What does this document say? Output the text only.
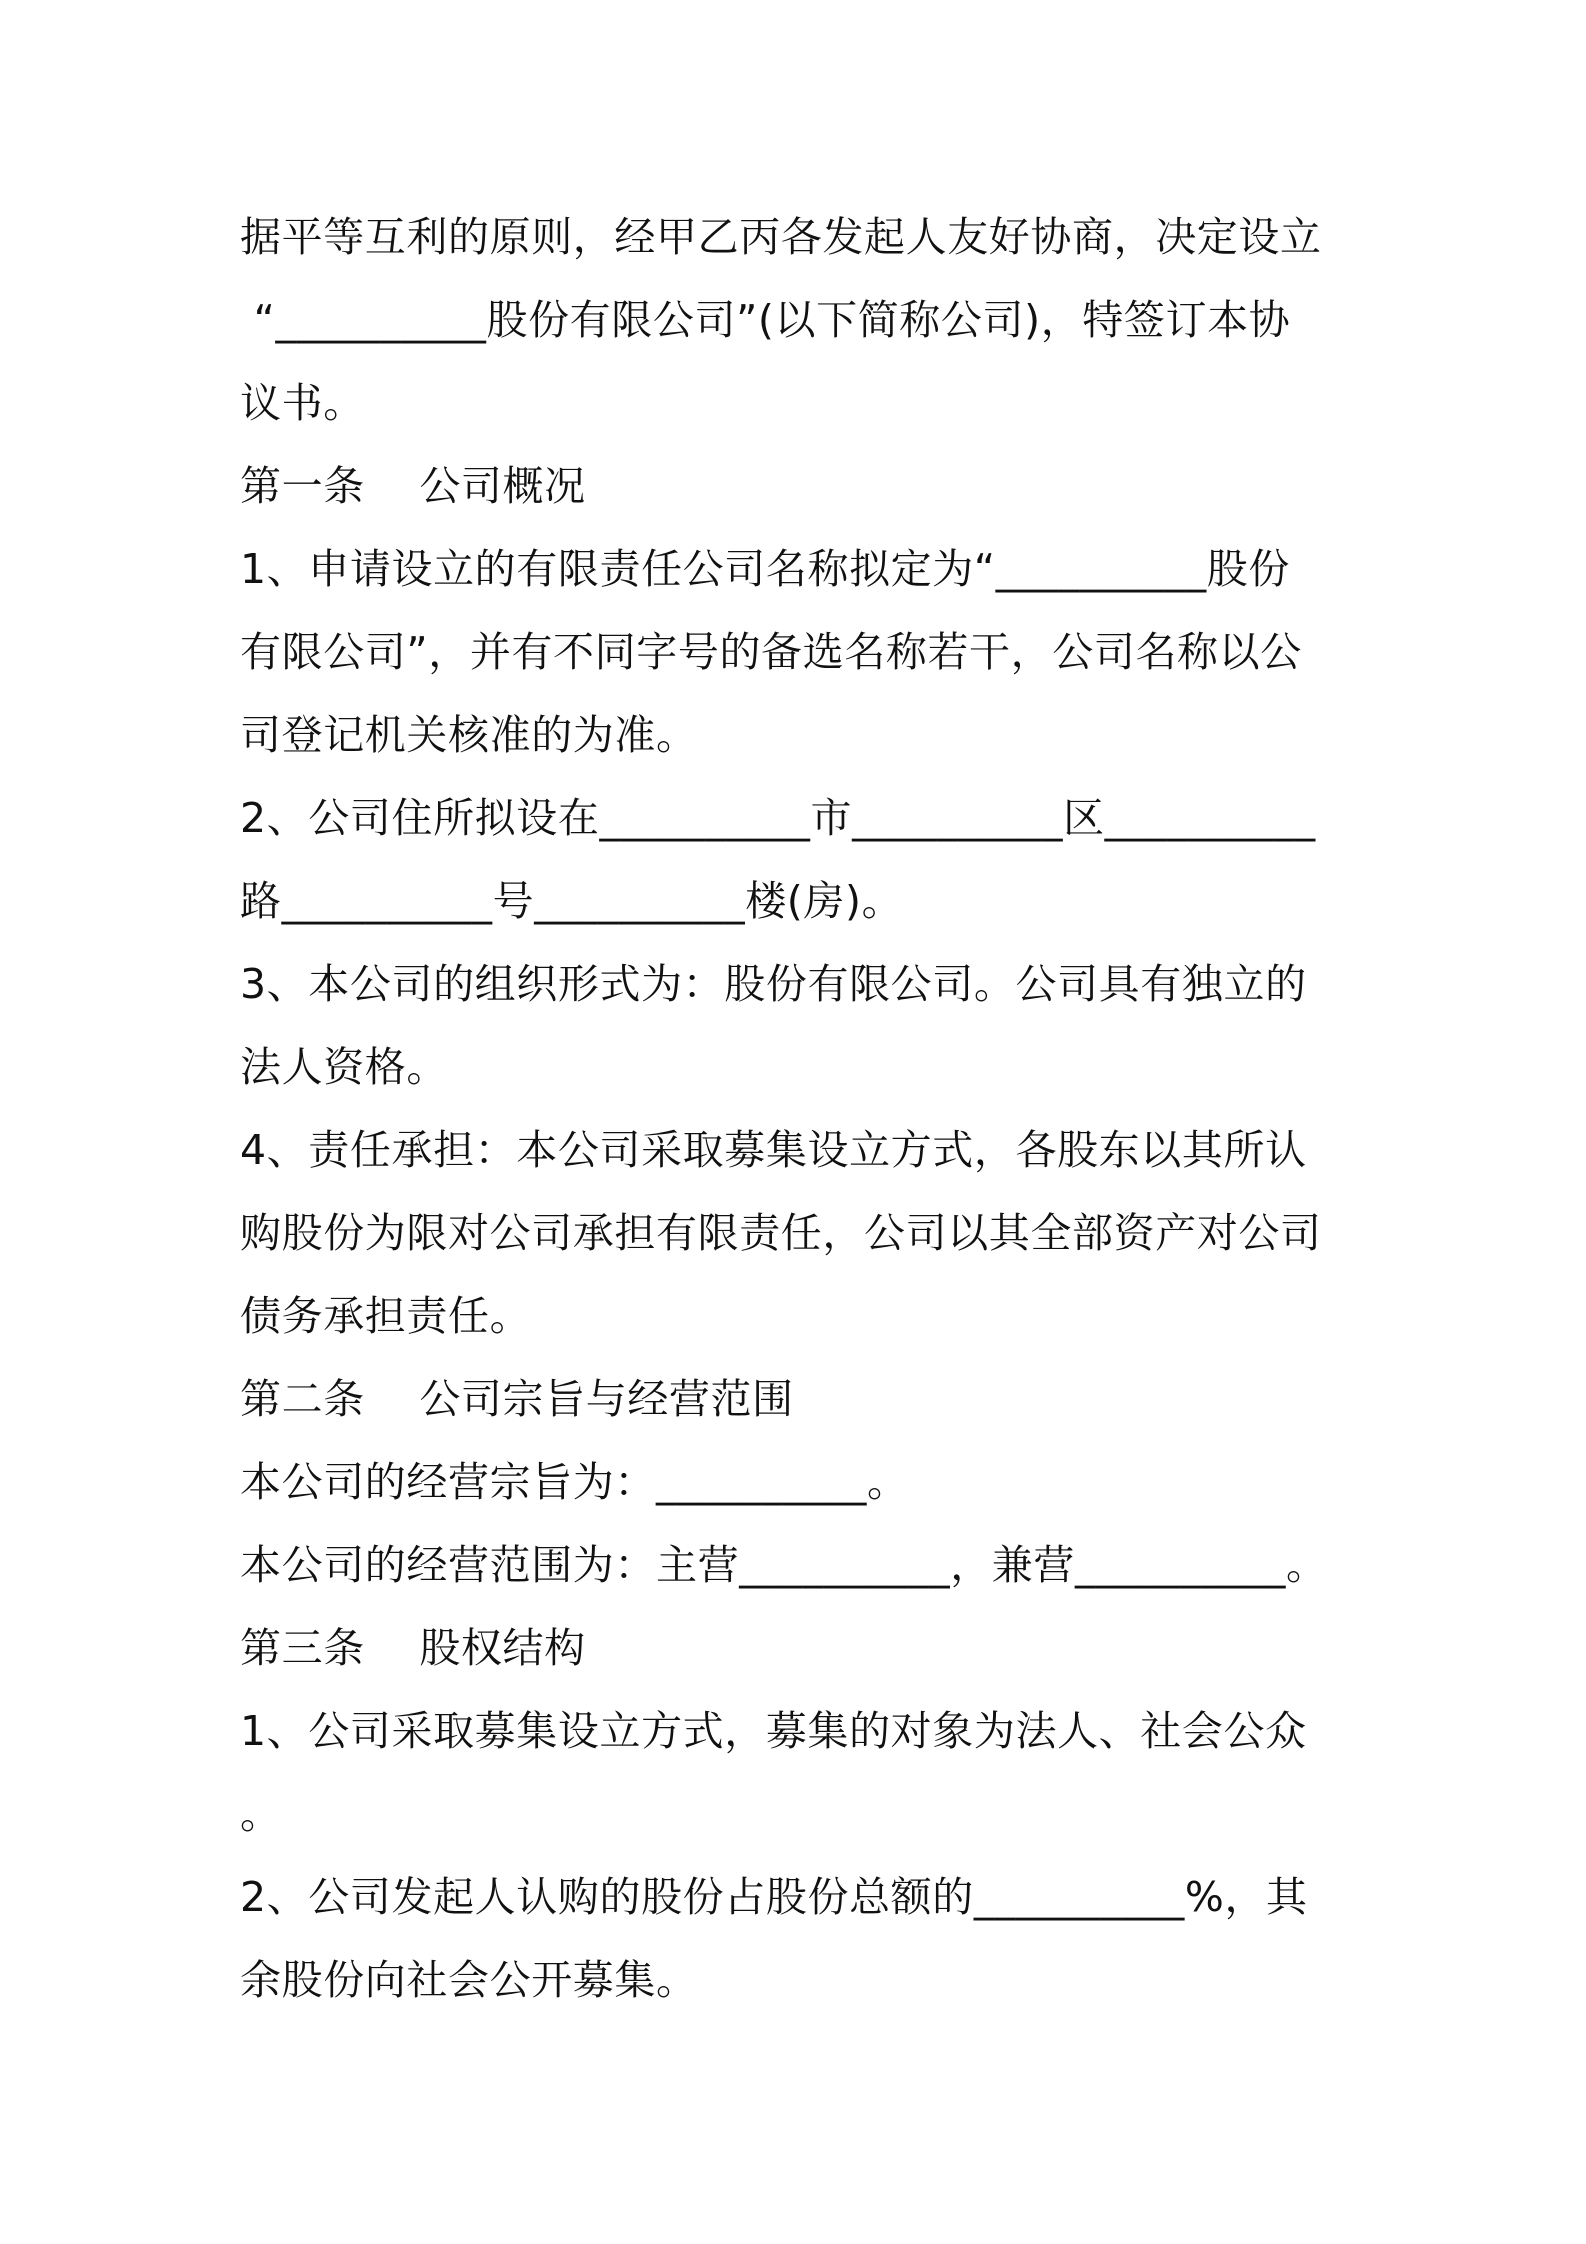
据平等互利的原则，经甲乙丙各发起人友好协商，决定设立
“__________股份有限公司”(以下简称公司)，特签订本协
议书。
第一条    公司概况
1、申请设立的有限责任公司名称拟定为“__________股份
有限公司”，并有不同字号的备选名称若干，公司名称以公
司登记机关核准的为准。
2、公司住所拟设在__________市__________区__________
路__________号__________楼(房)。
3、本公司的组织形式为：股份有限公司。公司具有独立的
法人资格。
4、责任承担：本公司采取募集设立方式，各股东以其所认
购股份为限对公司承担有限责任，公司以其全部资产对公司
债务承担责任。
第二条    公司宗旨与经营范围
本公司的经营宗旨为：__________。
本公司的经营范围为：主营__________，兼营__________。
第三条    股权结构
1、公司采取募集设立方式，募集的对象为法人、社会公众
。
2、公司发起人认购的股份占股份总额的__________%，其
余股份向社会公开募集。
